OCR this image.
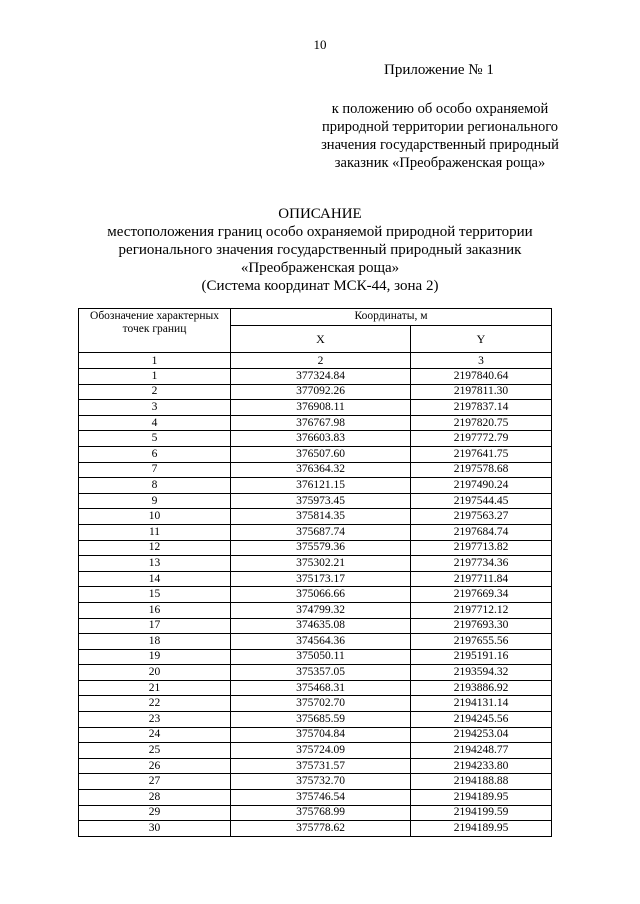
10
Приложение № 1
к положению об особо охраняемой
природной территории регионального
значения государственный природный
заказник «Преображенская роща»
ОПИСАНИЕ
местоположения границ особо охраняемой природной территории
регионального значения государственный природный заказник
«Преображенская роща»
(Система координат МСК-44, зона 2)
Обозначение характерных точек границ	Координаты, м	
	X	Y
1	2	3
1	377324.84	2197840.64
2	377092.26	2197811.30
3	376908.11	2197837.14
4	376767.98	2197820.75
5	376603.83	2197772.79
6	376507.60	2197641.75
7	376364.32	2197578.68
8	376121.15	2197490.24
9	375973.45	2197544.45
10	375814.35	2197563.27
11	375687.74	2197684.74
12	375579.36	2197713.82
13	375302.21	2197734.36
14	375173.17	2197711.84
15	375066.66	2197669.34
16	374799.32	2197712.12
17	374635.08	2197693.30
18	374564.36	2197655.56
19	375050.11	2195191.16
20	375357.05	2193594.32
21	375468.31	2193886.92
22	375702.70	2194131.14
23	375685.59	2194245.56
24	375704.84	2194253.04
25	375724.09	2194248.77
26	375731.57	2194233.80
27	375732.70	2194188.88
28	375746.54	2194189.95
29	375768.99	2194199.59
30	375778.62	2194189.95
